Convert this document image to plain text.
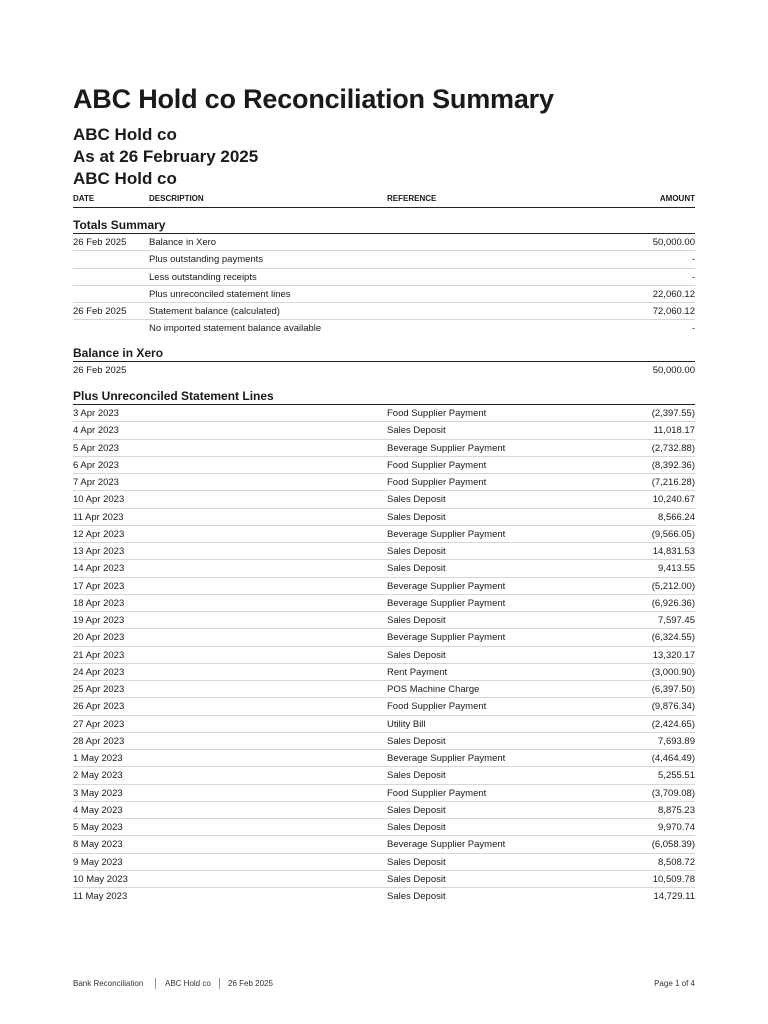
ABC Hold co Reconciliation Summary
ABC Hold co
As at 26 February 2025
ABC Hold co
DATE	DESCRIPTION	REFERENCE	AMOUNT
Totals Summary
26 Feb 2025 Balance in Xero	50,000.00
Plus outstanding payments	-
Less outstanding receipts	-
Plus unreconciled statement lines	22,060.12
26 Feb 2025 Statement balance (calculated)	72,060.12
No imported statement balance available	-
Balance in Xero
26 Feb 2025	50,000.00
Plus Unreconciled Statement Lines
3 Apr 2023	Food Supplier Payment	(2,397.55)
4 Apr 2023	Sales Deposit	11,018.17
5 Apr 2023	Beverage Supplier Payment	(2,732.88)
6 Apr 2023	Food Supplier Payment	(8,392.36)
7 Apr 2023	Food Supplier Payment	(7,216.28)
10 Apr 2023	Sales Deposit	10,240.67
11 Apr 2023	Sales Deposit	8,566.24
12 Apr 2023	Beverage Supplier Payment	(9,566.05)
13 Apr 2023	Sales Deposit	14,831.53
14 Apr 2023	Sales Deposit	9,413.55
17 Apr 2023	Beverage Supplier Payment	(5,212.00)
18 Apr 2023	Beverage Supplier Payment	(6,926.36)
19 Apr 2023	Sales Deposit	7,597.45
20 Apr 2023	Beverage Supplier Payment	(6,324.55)
21 Apr 2023	Sales Deposit	13,320.17
24 Apr 2023	Rent Payment	(3,000.90)
25 Apr 2023	POS Machine Charge	(6,397.50)
26 Apr 2023	Food Supplier Payment	(9,876.34)
27 Apr 2023	Utility Bill	(2,424.65)
28 Apr 2023	Sales Deposit	7,693.89
1 May 2023	Beverage Supplier Payment	(4,464.49)
2 May 2023	Sales Deposit	5,255.51
3 May 2023	Food Supplier Payment	(3,709.08)
4 May 2023	Sales Deposit	8,875.23
5 May 2023	Sales Deposit	9,970.74
8 May 2023	Beverage Supplier Payment	(6,058.39)
9 May 2023	Sales Deposit	8,508.72
10 May 2023	Sales Deposit	10,509.78
11 May 2023	Sales Deposit	14,729.11
Bank Reconciliation	ABC Hold co 26 Feb 2025	Page 1 of 4
